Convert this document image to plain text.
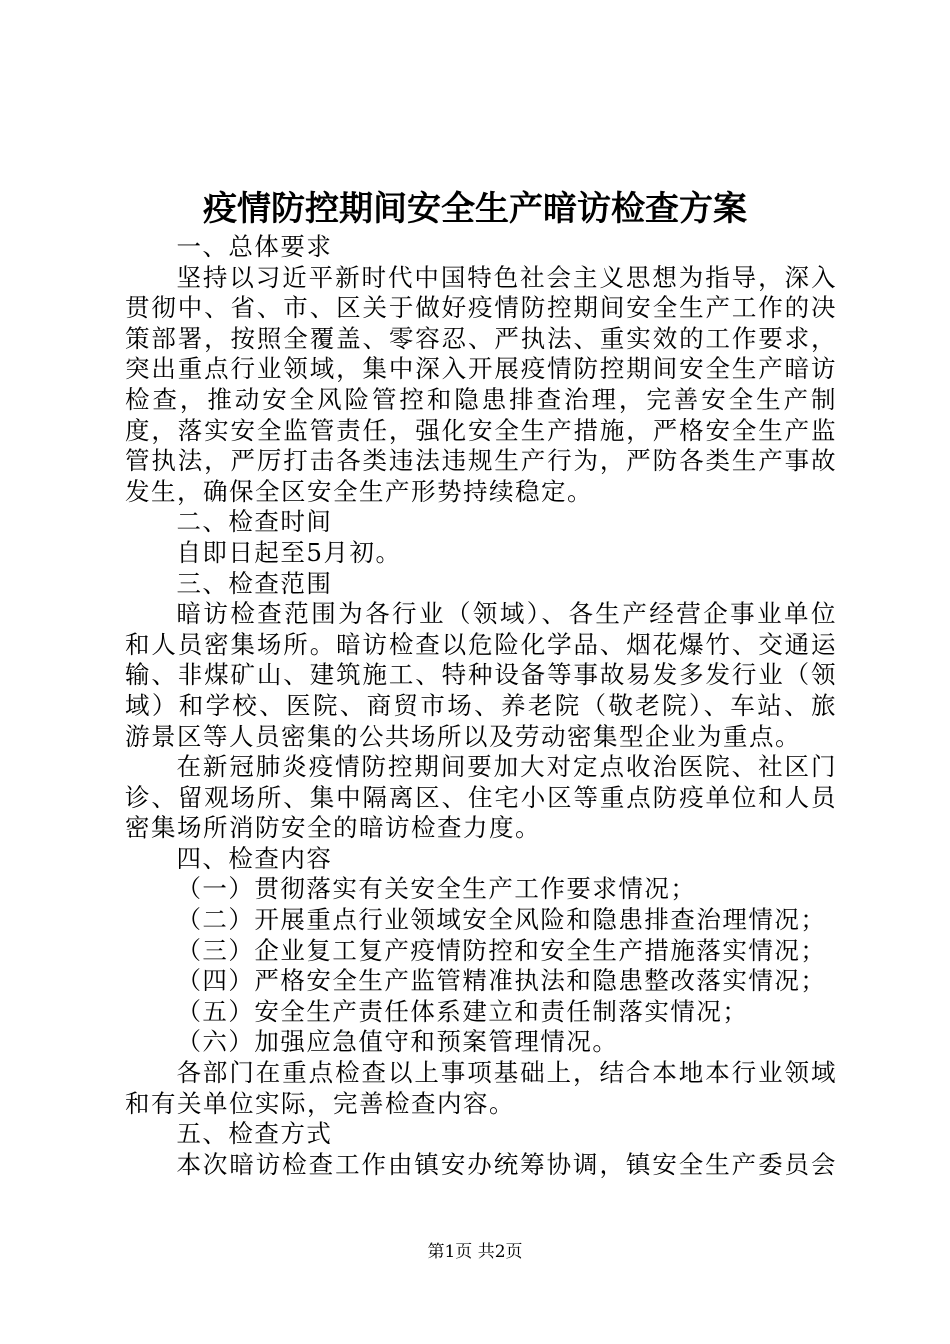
疫情防控期间安全生产暗访检查方案

一、总体要求

坚持以习近平新时代中国特色社会主义思想为指导，深入贯彻中、省、市、区关于做好疫情防控期间安全生产工作的决策部署，按照全覆盖、零容忍、严执法、重实效的工作要求，突出重点行业领域，集中深入开展疫情防控期间安全生产暗访检查，推动安全风险管控和隐患排查治理，完善安全生产制度，落实安全监管责任，强化安全生产措施，严格安全生产监管执法，严厉打击各类违法违规生产行为，严防各类生产事故发生，确保全区安全生产形势持续稳定。

二、检查时间

自即日起至5月初。

三、检查范围

暗访检查范围为各行业（领域）、各生产经营企事业单位和人员密集场所。暗访检查以危险化学品、烟花爆竹、交通运输、非煤矿山、建筑施工、特种设备等事故易发多发行业（领域）和学校、医院、商贸市场、养老院（敬老院）、车站、旅游景区等人员密集的公共场所以及劳动密集型企业为重点。

在新冠肺炎疫情防控期间要加大对定点收治医院、社区门诊、留观场所、集中隔离区、住宅小区等重点防疫单位和人员密集场所消防安全的暗访检查力度。

四、检查内容

（一）贯彻落实有关安全生产工作要求情况；

（二）开展重点行业领域安全风险和隐患排查治理情况；

（三）企业复工复产疫情防控和安全生产措施落实情况；

（四）严格安全生产监管精准执法和隐患整改落实情况；

（五）安全生产责任体系建立和责任制落实情况；

（六）加强应急值守和预案管理情况。

各部门在重点检查以上事项基础上，结合本地本行业领域和有关单位实际，完善检查内容。

五、检查方式

本次暗访检查工作由镇安办统筹协调，镇安全生产委员会

第1页 共2页
